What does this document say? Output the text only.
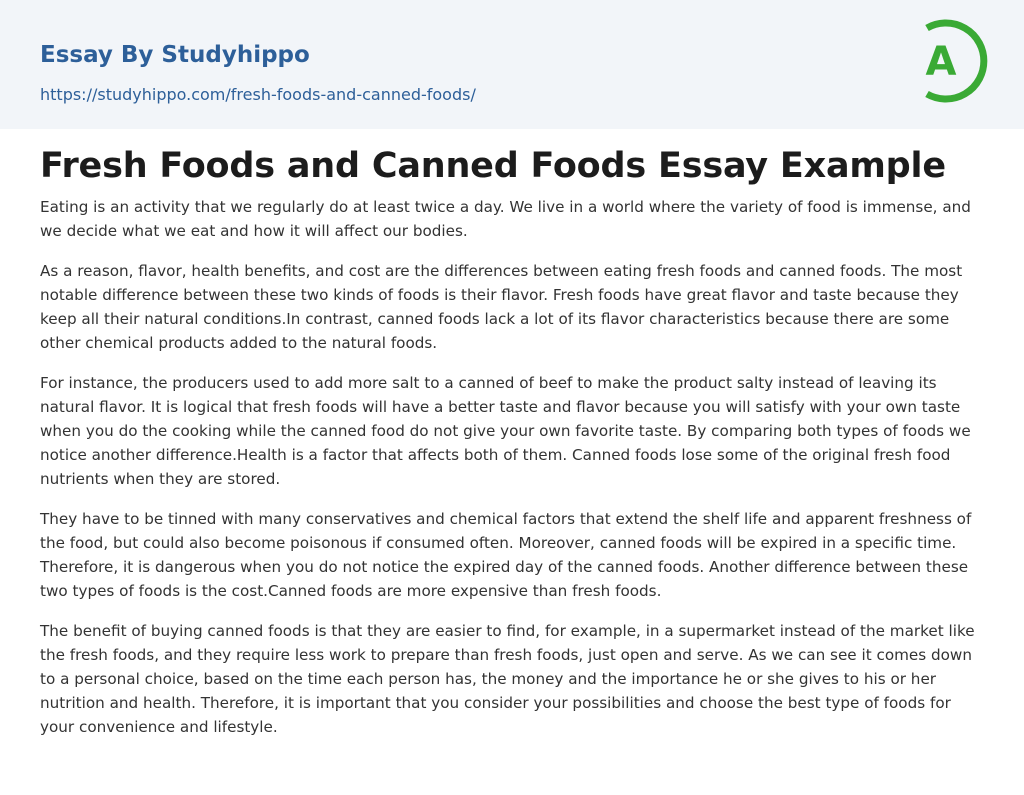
Essay By Studyhippo
https://studyhippo.com/fresh-foods-and-canned-foods/
A
Fresh Foods and Canned Foods Essay Example

Eating is an activity that we regularly do at least twice a day. We live in a world where the variety of food is immense, and we decide what we eat and how it will affect our bodies.

As a reason, flavor, health benefits, and cost are the differences between eating fresh foods and canned foods. The most notable difference between these two kinds of foods is their flavor. Fresh foods have great flavor and taste because they keep all their natural conditions.In contrast, canned foods lack a lot of its flavor characteristics because there are some other chemical products added to the natural foods.

For instance, the producers used to add more salt to a canned of beef to make the product salty instead of leaving its natural flavor. It is logical that fresh foods will have a better taste and flavor because you will satisfy with your own taste when you do the cooking while the canned food do not give your own favorite taste. By comparing both types of foods we notice another difference.Health is a factor that affects both of them. Canned foods lose some of the original fresh food nutrients when they are stored.

They have to be tinned with many conservatives and chemical factors that extend the shelf life and apparent freshness of the food, but could also become poisonous if consumed often. Moreover, canned foods will be expired in a specific time. Therefore, it is dangerous when you do not notice the expired day of the canned foods. Another difference between these two types of foods is the cost.Canned foods are more expensive than fresh foods.

The benefit of buying canned foods is that they are easier to find, for example, in a supermarket instead of the market like the fresh foods, and they require less work to prepare than fresh foods, just open and serve. As we can see it comes down to a personal choice, based on the time each person has, the money and the importance he or she gives to his or her nutrition and health. Therefore, it is important that you consider your possibilities and choose the best type of foods for your convenience and lifestyle.
